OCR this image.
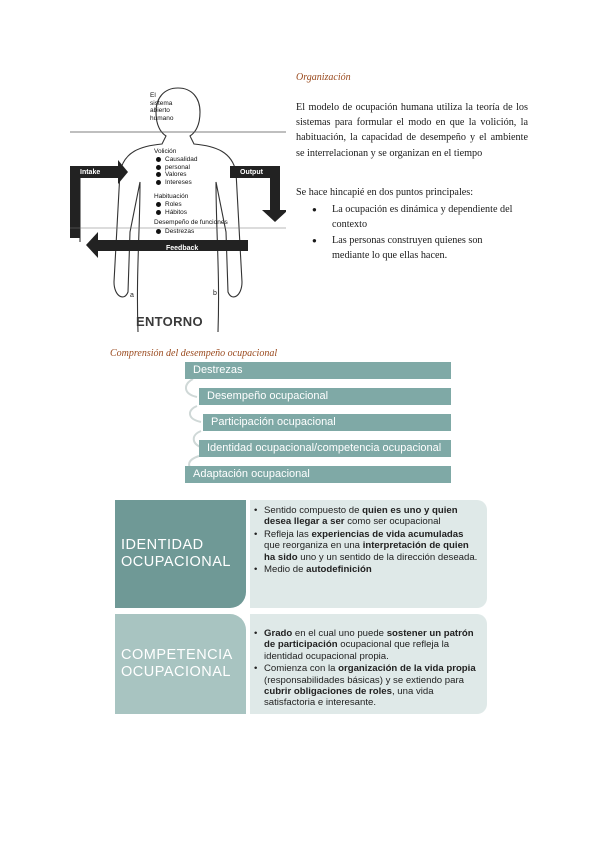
El
sistema
abierto
humano
Volición
Causalidad
personal
Valores
Intereses
Habituación
Roles
Hábitos
Desempeño de funciones
Destrezas
Intake	Output
Feedback
a	b
ENTORNO
Organización
El modelo de ocupación humana utiliza la teoría de los sistemas para formular el modo en que la volición, la habituación, la capacidad de desempeño y el ambiente se interrelacionan y se organizan en el tiempo
Se hace hincapié en dos puntos principales:
● La ocupación es dinámica y dependiente del contexto
● Las personas construyen quienes son mediante lo que ellas hacen.
Comprensión del desempeño ocupacional
Destrezas
Desempeño ocupacional
Participación ocupacional
Identidad ocupacional/competencia ocupacional
Adaptación ocupacional
IDENTIDAD
OCUPACIONAL
• Sentido compuesto de quien es uno y quien desea llegar a ser como ser ocupacional
• Refleja las experiencias de vida acumuladas que reorganiza en una interpretación de quien ha sido uno y un sentido de la dirección deseada.
• Medio de autodefinición
COMPETENCIA
OCUPACIONAL
• Grado en el cual uno puede sostener un patrón de participación ocupacional que refleja la identidad ocupacional propia.
• Comienza con la organización de la vida propia (responsabilidades básicas) y se extiendo para cubrir obligaciones de roles, una vida satisfactoria e interesante.
